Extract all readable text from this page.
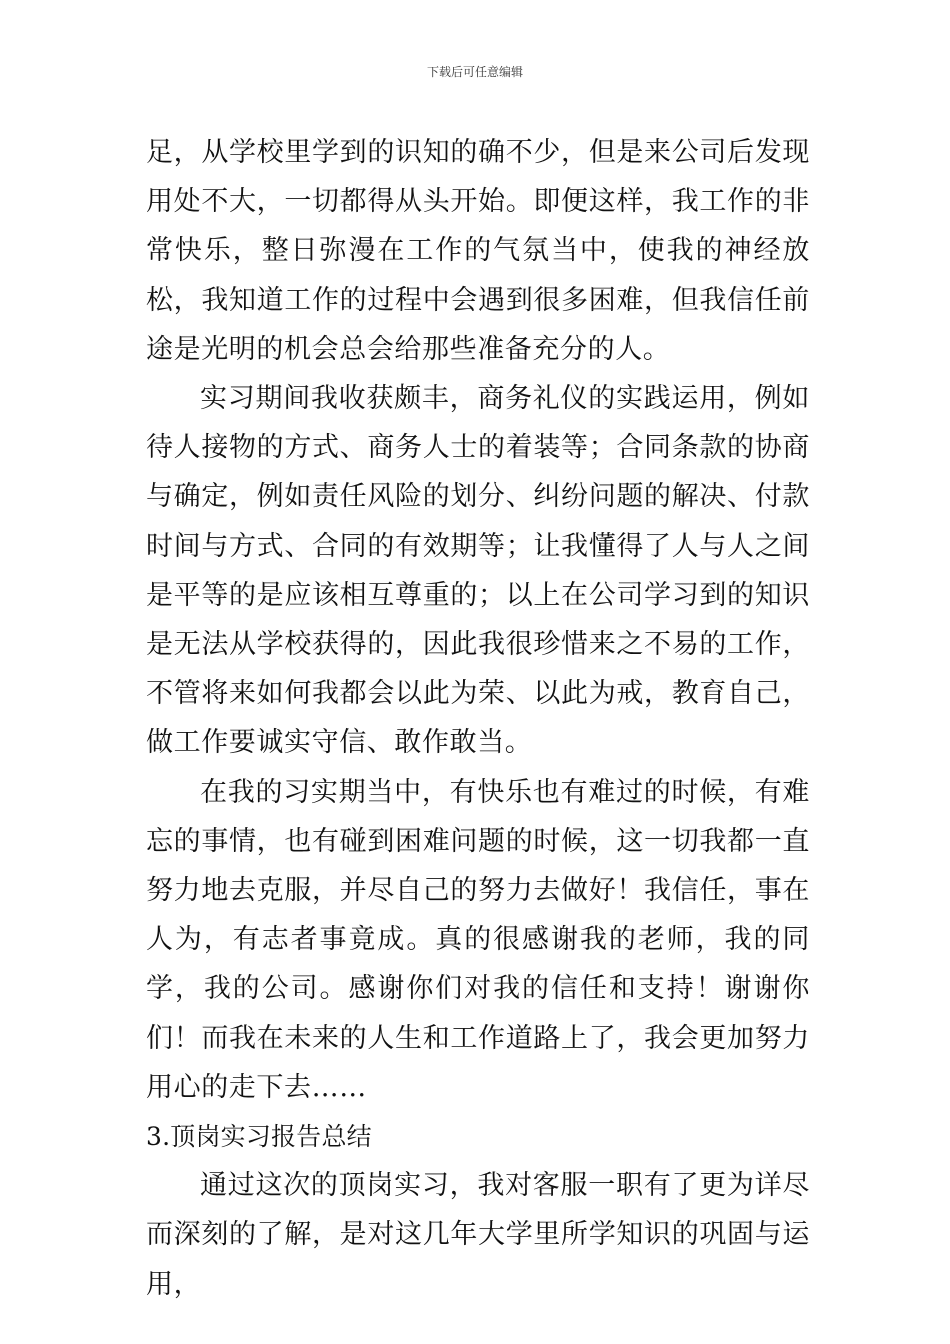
下载后可任意编辑

足，从学校里学到的识知的确不少，但是来公司后发现用处不大，一切都得从头开始。即便这样，我工作的非常快乐，整日弥漫在工作的气氛当中，使我的神经放松，我知道工作的过程中会遇到很多困难，但我信任前途是光明的机会总会给那些准备充分的人。

实习期间我收获颇丰，商务礼仪的实践运用，例如待人接物的方式、商务人士的着装等；合同条款的协商与确定，例如责任风险的划分、纠纷问题的解决、付款时间与方式、合同的有效期等；让我懂得了人与人之间是平等的是应该相互尊重的；以上在公司学习到的知识是无法从学校获得的，因此我很珍惜来之不易的工作，不管将来如何我都会以此为荣、以此为戒，教育自己，做工作要诚实守信、敢作敢当。

在我的习实期当中，有快乐也有难过的时候，有难忘的事情，也有碰到困难问题的时候，这一切我都一直努力地去克服，并尽自己的努力去做好！我信任，事在人为，有志者事竟成。真的很感谢我的老师，我的同学，我的公司。感谢你们对我的信任和支持！谢谢你们！而我在未来的人生和工作道路上了，我会更加努力用心的走下去……

3.顶岗实习报告总结

通过这次的顶岗实习，我对客服一职有了更为详尽而深刻的了解，是对这几年大学里所学知识的巩固与运用，
